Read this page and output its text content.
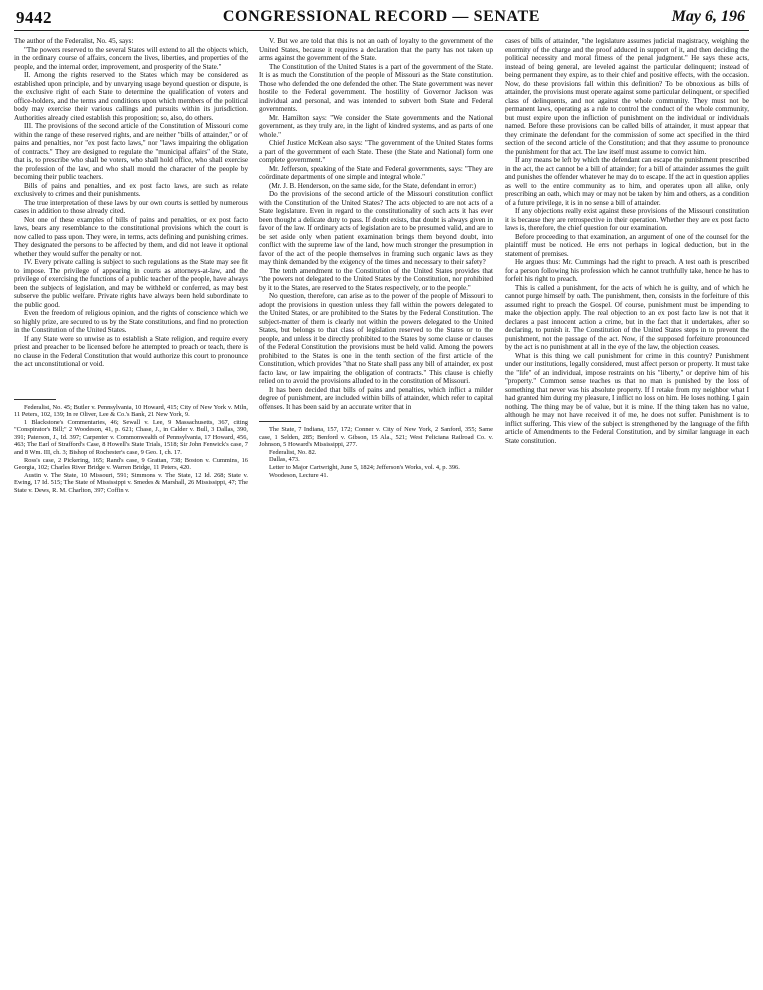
9442	CONGRESSIONAL RECORD — SENATE	May 6, 196

The author of the Federalist, No. 45, says:

"The powers reserved to the several States will extend to all the objects which, in the ordinary course of affairs, concern the lives, liberties, and properties of the people, and the internal order, improvement, and prosperity of the State."

II. Among the rights reserved to the States which may be considered as established upon principle, and by unvarying usage beyond question or dispute, is the exclusive right of each State to determine the qualification of voters and office-holders, and the terms and conditions upon which members of the political body may exercise their various callings and pursuits within its jurisdiction. Authorities already cited establish this proposition; so, also, do others.

III. The provisions of the second article of the Constitution of Missouri come within the range of these reserved rights, and are neither "bills of attainder," or of pains and penalties, nor "ex post facto laws," nor "laws impairing the obligation of contracts." They are designed to regulate the "municipal affairs" of the State, that is, to prescribe who shall be voters, who shall hold office, who shall exercise the profession of the law, and who shall mould the character of the people by becoming their public teachers.

Bills of pains and penalties, and ex post facto laws, are such as relate exclusively to crimes and their punishments.

The true interpretation of these laws by our own courts is settled by numerous cases in addition to those already cited.

Not one of these examples of bills of pains and penalties, or ex post facto laws, bears any resemblance to the constitutional provisions which the court is now called to pass upon. They were, in terms, acts defining and punishing crimes. They designated the persons to be affected by them, and did not leave it optional whether they would suffer the penalty or not.

IV. Every private calling is subject to such regulations as the State may see fit to impose. The privilege of appearing in courts as attorneys-at-law, and the privilege of exercising the functions of a public teacher of the people, have always been the subjects of legislation, and may be withheld or conferred, as may best subserve the public welfare. Private rights have always been held subordinate to the public good.

Even the freedom of religious opinion, and the rights of conscience which we so highly prize, are secured to us by the State constitutions, and find no protection in the Constitution of the United States.

If any State were so unwise as to establish a State religion, and require every priest and preacher to be licensed before he attempted to preach or teach, there is no clause in the Federal Constitution that would authorize this court to pronounce the act unconstitutional or void.

Federalist, No. 45; Butler v. Pennsylvania, 10 Howard, 415; City of New York v. Miln, 11 Peters, 102, 139; In re Oliver, Lee & Co.'s Bank, 21 New York, 9.

1 Blackstone's Commentaries, 46; Sewall v. Lee, 9 Massachusetts, 367, citing "Conspirator's Bill;" 2 Woodeson, 41, p. 621; Chase, J., in Calder v. Bull, 3 Dallas, 390, 391; Paterson, J., Id. 397; Carpenter v. Commonwealth of Pennsylvania, 17 Howard, 456, 463; The Earl of Strafford's Case, 8 Howell's State Trials, 1518; Sir John Fenwick's case, 7 and 8 Wm. III, ch. 3; Bishop of Rochester's case, 9 Geo. I, ch. 17.

Ross's case, 2 Pickering, 165; Rand's case, 9 Grattan, 738; Boston v. Cummins, 16 Georgia, 102; Charles River Bridge v. Warren Bridge, 11 Peters, 420.

Austin v. The State, 10 Missouri, 591; Simmons v. The State, 12 Id. 268; State v. Ewing, 17 Id. 515; The State of Mississippi v. Smedes & Marshall, 26 Mississippi, 47; The State v. Dews, R. M. Charlton, 397; Coffin v.

V. But we are told that this is not an oath of loyalty to the government of the United States, because it requires a declaration that the party has not taken up arms against the government of the State.

The Constitution of the United States is a part of the government of the State. It is as much the Constitution of the people of Missouri as the State constitution. Those who defended the one defended the other. The State government was never hostile to the Federal government. The hostility of Governor Jackson was individual and personal, and was intended to subvert both State and Federal governments.

Mr. Hamilton says: "We consider the State governments and the National government, as they truly are, in the light of kindred systems, and as parts of one whole."

Chief Justice McKean also says: "The government of the United States forms a part of the government of each State. These (the State and National) form one complete government."

Mr. Jefferson, speaking of the State and Federal governments, says: "They are coördinate departments of one simple and integral whole."

(Mr. J. B. Henderson, on the same side, for the State, defendant in error:)

Do the provisions of the second article of the Missouri constitution conflict with the Constitution of the United States? The acts objected to are not acts of a State legislature. Even in regard to the constitutionality of such acts it has ever been thought a delicate duty to pass. If doubt exists, that doubt is always given in favor of the law. If ordinary acts of legislation are to be presumed valid, and are to be set aside only when patient examination brings them beyond doubt, into conflict with the supreme law of the land, how much stronger the presumption in favor of the act of the people themselves in framing such organic laws as they may think demanded by the exigency of the times and necessary to their safety?

The tenth amendment to the Constitution of the United States provides that "the powers not delegated to the United States by the Constitution, nor prohibited by it to the States, are reserved to the States respectively, or to the people."

No question, therefore, can arise as to the power of the people of Missouri to adopt the provisions in question unless they fall within the powers delegated to the United States, or are prohibited to the States by the Federal Constitution. The subject-matter of them is clearly not within the powers delegated to the United States, but belongs to that class of legislation reserved to the States or to the people, and unless it be directly prohibited to the States by some clause or clauses of the Federal Constitution the provisions must be held valid. Among the powers prohibited to the States is one in the tenth section of the first article of the Constitution, which provides "that no State shall pass any bill of attainder, ex post facto law, or law impairing the obligation of contracts." This clause is chiefly relied on to avoid the provisions alluded to in the constitution of Missouri.

It has been decided that bills of pains and penalties, which inflict a milder degree of punishment, are included within bills of attainder, which refer to capital offenses. It has been said by an accurate writer that in

The State, 7 Indiana, 157, 172; Conner v. City of New York, 2 Sanford, 355; Same case, 1 Selden, 285; Benford v. Gibson, 15 Ala., 521; West Feliciana Railroad Co. v. Johnson, 5 Howard's Mississippi, 277.

Federalist, No. 82.

Dallas, 473.

Letter to Major Cartwright, June 5, 1824; Jefferson's Works, vol. 4, p. 396.

Woodeson, Lecture 41.

cases of bills of attainder, "the legislature assumes judicial magistracy, weighing the enormity of the charge and the proof adduced in support of it, and then deciding the political necessity and moral fitness of the penal judgment." He says these acts, instead of being general, are leveled against the particular delinquent; instead of being permanent they expire, as to their chief and positive effects, with the occasion. Now, do these provisions fall within this definition? To be obnoxious as bills of attainder, the provisions must operate against some particular delinquent, or specified class of delinquents, and not against the whole community. They must not be permanent laws, operating as a rule to control the conduct of the whole community, but must expire upon the infliction of punishment on the individual or individuals named. Before these provisions can be called bills of attainder, it must appear that they criminate the defendant for the commission of some act specified in the third section of the second article of the Constitution; and that they assume to pronounce the punishment for that act. The law itself must assume to convict him.

If any means be left by which the defendant can escape the punishment prescribed in the act, the act cannot be a bill of attainder; for a bill of attainder assumes the guilt and punishes the offender whatever he may do to escape. If the act in question applies as well to the entire community as to him, and operates upon all alike, only prescribing an oath, which may or may not be taken by him and others, as a condition of a future privilege, it is in no sense a bill of attainder.

If any objections really exist against these provisions of the Missouri constitution it is because they are retrospective in their operation. Whether they are ex post facto laws is, therefore, the chief question for our examination.

Before proceeding to that examination, an argument of one of the counsel for the plaintiff must be noticed. He errs not perhaps in logical deduction, but in the statement of premises.

He argues thus: Mr. Cummings had the right to preach. A test oath is prescribed for a person following his profession which he cannot truthfully take, hence he has to forfeit his right to preach.

This is called a punishment, for the acts of which he is guilty, and of which he cannot purge himself by oath. The punishment, then, consists in the forfeiture of this assumed right to preach the Gospel. Of course, punishment must be impending to make the objection apply. The real objection to an ex post facto law is not that it declares a past innocent action a crime, but in the fact that it undertakes, after so declaring, to punish it. The Constitution of the United States steps in to prevent the punishment, not the passage of the act. Now, if the supposed forfeiture pronounced by the act is no punishment at all in the eye of the law, the objection ceases.

What is this thing we call punishment for crime in this country? Punishment under our institutions, legally considered, must affect person or property. It must take the "life" of an individual, impose restraints on his "liberty," or deprive him of his "property." Common sense teaches us that no man is punished by the loss of something that never was his absolute property. If I retake from my neighbor what I had granted him during my pleasure, I inflict no loss on him. He loses nothing. I gain nothing. The thing may be of value, but it is mine. If the thing taken has no value, although he may not have received it of me, he does not suffer. Punishment is to inflict suffering. This view of the subject is strengthened by the language of the fifth article of Amendments to the Federal Constitution, and by similar language in each State constitution.
